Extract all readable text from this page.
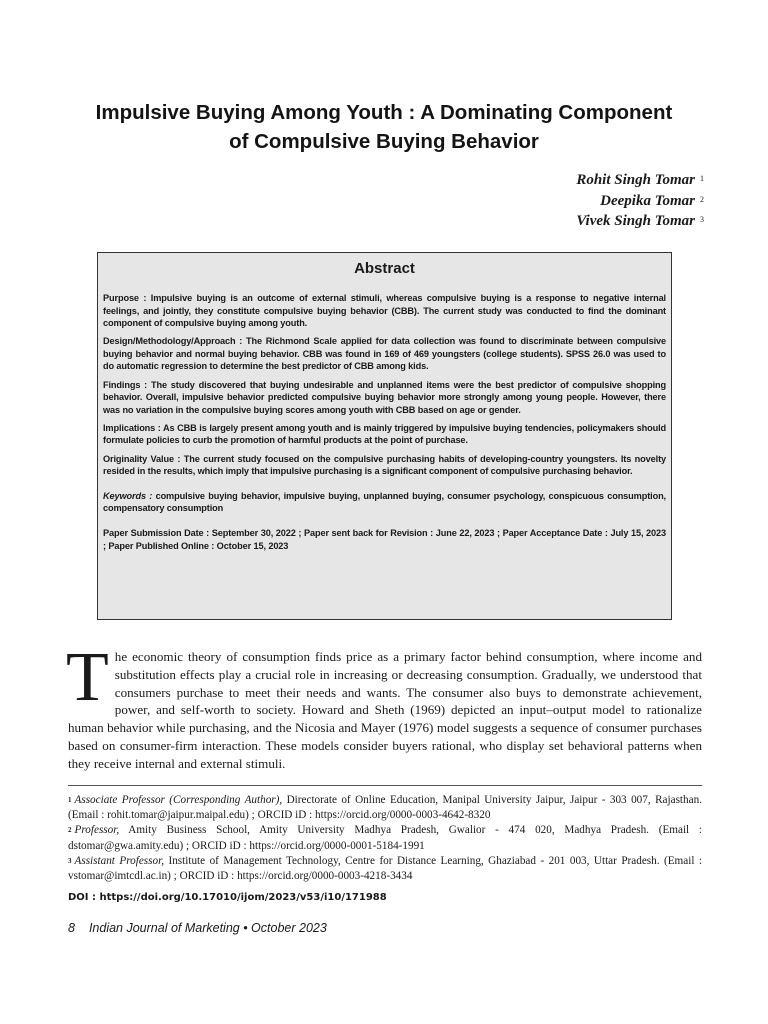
Impulsive Buying Among Youth : A Dominating Component
of Compulsive Buying Behavior
Rohit Singh Tomar $^1$
Deepika Tomar $^2$
Vivek Singh Tomar $^3$
Abstract

Purpose : Impulsive buying is an outcome of external stimuli, whereas compulsive buying is a response to negative internal feelings, and jointly, they constitute compulsive buying behavior (CBB). The current study was conducted to find the dominant component of compulsive buying among youth.

Design/Methodology/Approach : The Richmond Scale applied for data collection was found to discriminate between compulsive buying behavior and normal buying behavior. CBB was found in 169 of 469 youngsters (college students). SPSS 26.0 was used to do automatic regression to determine the best predictor of CBB among kids.

Findings : The study discovered that buying undesirable and unplanned items were the best predictor of compulsive shopping behavior. Overall, impulsive behavior predicted compulsive buying behavior more strongly among young people. However, there was no variation in the compulsive buying scores among youth with CBB based on age or gender.

Implications : As CBB is largely present among youth and is mainly triggered by impulsive buying tendencies, policymakers should formulate policies to curb the promotion of harmful products at the point of purchase.

Originality Value : The current study focused on the compulsive purchasing habits of developing-country youngsters. Its novelty resided in the results, which imply that impulsive purchasing is a significant component of compulsive purchasing behavior.

Keywords : compulsive buying behavior, impulsive buying, unplanned buying, consumer psychology, conspicuous consumption, compensatory consumption

Paper Submission Date : September 30, 2022 ; Paper sent back for Revision : June 22, 2023 ; Paper Acceptance Date : July 15, 2023 ; Paper Published Online : October 15, 2023

T he economic theory of consumption finds price as a primary factor behind consumption, where income and substitution effects play a crucial role in increasing or decreasing consumption. Gradually, we understood that consumers purchase to meet their needs and wants. The consumer also buys to demonstrate achievement, power, and self-worth to society. Howard and Sheth (1969) depicted an input–output model to rationalize human behavior while purchasing, and the Nicosia and Mayer (1976) model suggests a sequence of consumer purchases based on consumer-firm interaction. These models consider buyers rational, who display set behavioral patterns when they receive internal and external stimuli.

$^1$ Associate Professor (Corresponding Author), Directorate of Online Education, Manipal University Jaipur, Jaipur - 303 007, Rajasthan. (Email : rohit.tomar@jaipur.maipal.edu) ; ORCID iD : https://orcid.org/0000-0003-4642-8320

$^2$ Professor, Amity Business School, Amity University Madhya Pradesh, Gwalior - 474 020, Madhya Pradesh. (Email : dstomar@gwa.amity.edu) ; ORCID iD : https://orcid.org/0000-0001-5184-1991

$^3$ Assistant Professor, Institute of Management Technology, Centre for Distance Learning, Ghaziabad - 201 003, Uttar Pradesh. (Email : vstomar@imtcdl.ac.in) ; ORCID iD : https://orcid.org/0000-0003-4218-3434

DOI : https://doi.org/10.17010/ijom/2023/v53/i10/171988
8 Indian Journal of Marketing • October 2023
